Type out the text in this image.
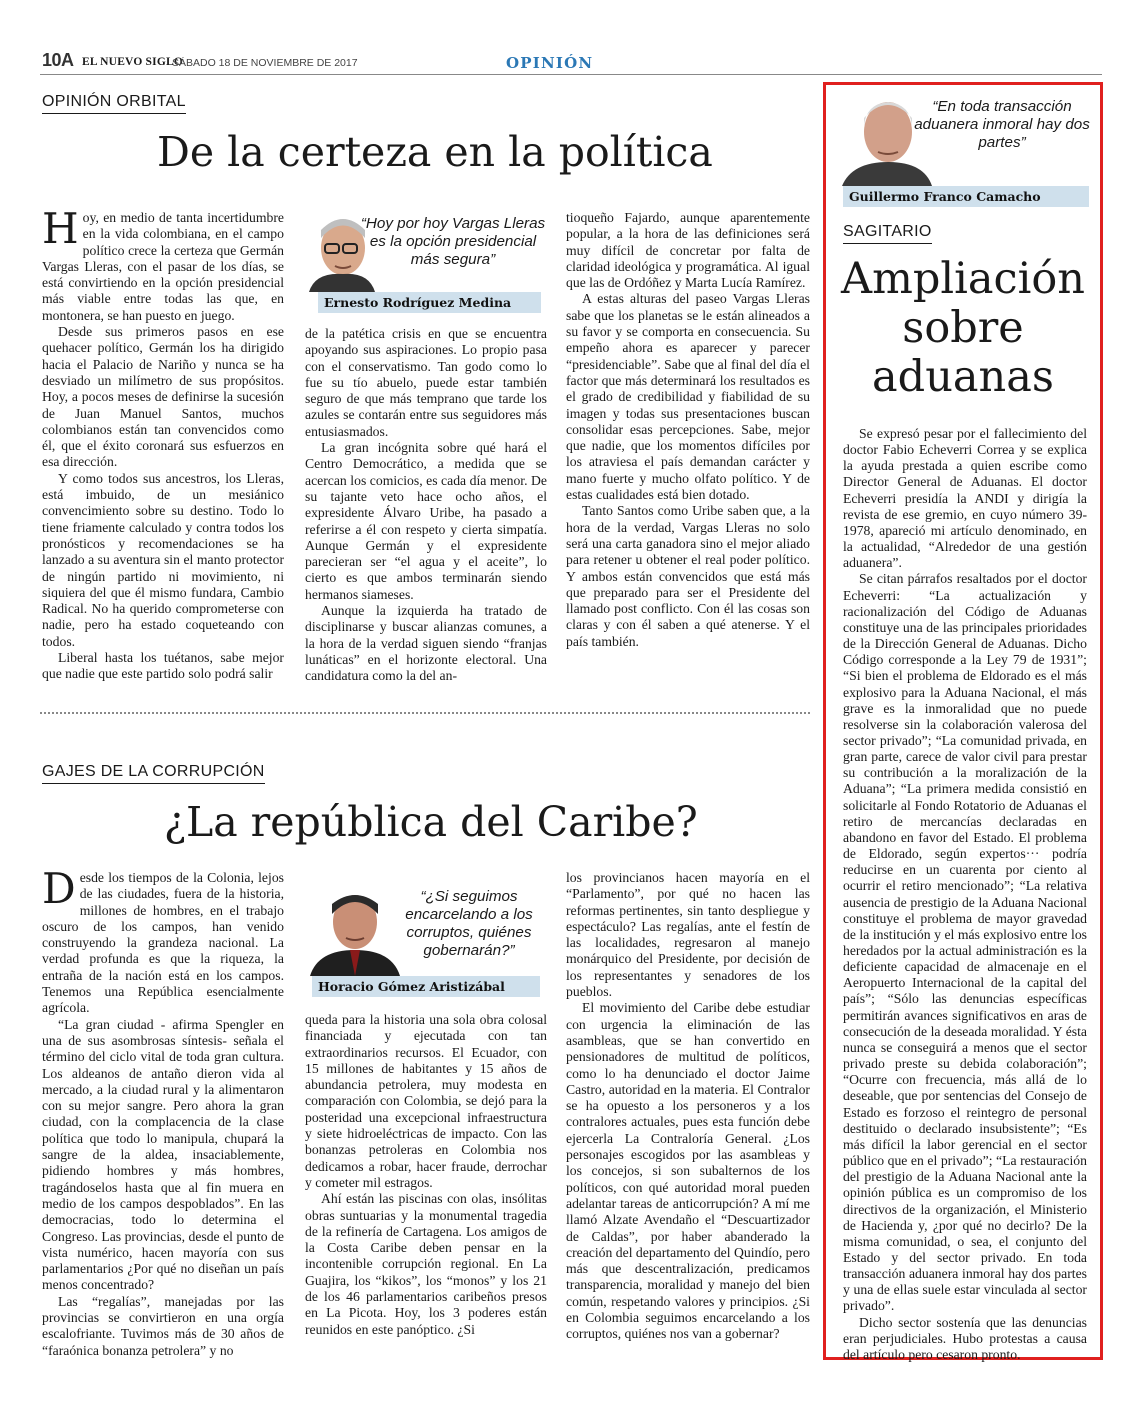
10A EL NUEVO SIGLO
SÁBADO 18 DE NOVIEMBRE DE 2017	OPINIÓN
OPINIÓN ORBITAL
De la certeza en la política

Hoy, en medio de tanta incertidumbre en la vida colombiana, en el campo político crece la certeza que Germán Vargas Lleras, con el pasar de los días, se está convirtiendo en la opción presidencial más viable entre todas las que, en montonera, se han puesto en juego.

Desde sus primeros pasos en ese quehacer político, Germán los ha dirigido hacia el Palacio de Nariño y nunca se ha desviado un milímetro de sus propósitos. Hoy, a pocos meses de definirse la sucesión de Juan Manuel Santos, muchos colombianos están tan convencidos como él, que el éxito coronará sus esfuerzos en esa dirección.

Y como todos sus ancestros, los Lleras, está imbuido, de un mesiánico convencimiento sobre su destino. Todo lo tiene friamente calculado y contra todos los pronósticos y recomendaciones se ha lanzado a su aventura sin el manto protector de ningún partido ni movimiento, ni siquiera del que él mismo fundara, Cambio Radical. No ha querido comprometerse con nadie, pero ha estado coqueteando con todos.

Liberal hasta los tuétanos, sabe mejor que nadie que este partido solo podrá salir

“Hoy por hoy Vargas Lleras es la opción presidencial más segura”
Ernesto Rodríguez Medina

de la patética crisis en que se encuentra apoyando sus aspiraciones. Lo propio pasa con el conservatismo. Tan godo como lo fue su tío abuelo, puede estar también seguro de que más temprano que tarde los azules se contarán entre sus seguidores más entusiasmados.

La gran incógnita sobre qué hará el Centro Democrático, a medida que se acercan los comicios, es cada día menor. De su tajante veto hace ocho años, el expresidente Álvaro Uribe, ha pasado a referirse a él con respeto y cierta simpatía. Aunque Germán y el expresidente parecieran ser “el agua y el aceite”, lo cierto es que ambos terminarán siendo hermanos siameses.

Aunque la izquierda ha tratado de disciplinarse y buscar alianzas comunes, a la hora de la verdad siguen siendo “franjas lunáticas” en el horizonte electoral. Una candidatura como la del an-

tioqueño Fajardo, aunque aparentemente popular, a la hora de las definiciones será muy difícil de concretar por falta de claridad ideológica y programática. Al igual que las de Ordóñez y Marta Lucía Ramírez.

A estas alturas del paseo Vargas Lleras sabe que los planetas se le están alineados a su favor y se comporta en consecuencia. Su empeño ahora es aparecer y parecer “presidenciable”. Sabe que al final del día el factor que más determinará los resultados es el grado de credibilidad y fiabilidad de su imagen y todas sus presentaciones buscan consolidar esas percepciones. Sabe, mejor que nadie, que los momentos difíciles por los atraviesa el país demandan carácter y mano fuerte y mucho olfato político. Y de estas cualidades está bien dotado.

Tanto Santos como Uribe saben que, a la hora de la verdad, Vargas Lleras no solo será una carta ganadora sino el mejor aliado para retener u obtener el real poder político. Y ambos están convencidos que está más que preparado para ser el Presidente del llamado post conflicto. Con él las cosas son claras y con él saben a qué atenerse. Y el país también.

GAJES DE LA CORRUPCIÓN
¿La república del Caribe?

Desde los tiempos de la Colonia, lejos de las ciudades, fuera de la historia, millones de hombres, en el trabajo oscuro de los campos, han venido construyendo la grandeza nacional. La verdad profunda es que la riqueza, la entraña de la nación está en los campos. Tenemos una República esencialmente agrícola.

“La gran ciudad - afirma Spengler en una de sus asombrosas síntesis- señala el término del ciclo vital de toda gran cultura. Los aldeanos de antaño dieron vida al mercado, a la ciudad rural y la alimentaron con su mejor sangre. Pero ahora la gran ciudad, con la complacencia de la clase política que todo lo manipula, chupará la sangre de la aldea, insaciablemente, pidiendo hombres y más hombres, tragándoselos hasta que al fin muera en medio de los campos despoblados”. En las democracias, todo lo determina el Congreso. Las provincias, desde el punto de vista numérico, hacen mayoría con sus parlamentarios ¿Por qué no diseñan un país menos concentrado?

Las “regalías”, manejadas por las provincias se convirtieron en una orgía escalofriante. Tuvimos más de 30 años de “faraónica bonanza petrolera” y no

“¿Si seguimos encarcelando a los corruptos, quiénes gobernarán?”
Horacio Gómez Aristizábal

queda para la historia una sola obra colosal financiada y ejecutada con tan extraordinarios recursos. El Ecuador, con 15 millones de habitantes y 15 años de abundancia petrolera, muy modesta en comparación con Colombia, se dejó para la posteridad una excepcional infraestructura y siete hidroeléctricas de impacto. Con las bonanzas petroleras en Colombia nos dedicamos a robar, hacer fraude, derrochar y cometer mil estragos.

Ahí están las piscinas con olas, insólitas obras suntuarias y la monumental tragedia de la refinería de Cartagena. Los amigos de la Costa Caribe deben pensar en la incontenible corrupción regional. En La Guajira, los “kikos”, los “monos” y los 21 de los 46 parlamentarios caribeños presos en La Picota. Hoy, los 3 poderes están reunidos en este panóptico. ¿Si

los provincianos hacen mayoría en el “Parlamento”, por qué no hacen las reformas pertinentes, sin tanto despliegue y espectáculo? Las regalías, ante el festín de las localidades, regresaron al manejo monárquico del Presidente, por decisión de los representantes y senadores de los pueblos.

El movimiento del Caribe debe estudiar con urgencia la eliminación de las asambleas, que se han convertido en pensionadores de multitud de políticos, como lo ha denunciado el doctor Jaime Castro, autoridad en la materia. El Contralor se ha opuesto a los personeros y a los contralores actuales, pues esta función debe ejercerla La Contraloría General. ¿Los personajes escogidos por las asambleas y los concejos, si son subalternos de los políticos, con qué autoridad moral pueden adelantar tareas de anticorrupción? A mí me llamó Alzate Avendaño el “Descuartizador de Caldas”, por haber abanderado la creación del departamento del Quindío, pero más que descentralización, predicamos transparencia, moralidad y manejo del bien común, respetando valores y principios. ¿Si en Colombia seguimos encarcelando a los corruptos, quiénes nos van a gobernar?

“En toda transacción aduanera inmoral hay dos partes”
Guillermo Franco Camacho
SAGITARIO
Ampliación
sobre
aduanas

Se expresó pesar por el fallecimiento del doctor Fabio Echeverri Correa y se explica la ayuda prestada a quien escribe como Director General de Aduanas. El doctor Echeverri presidía la ANDI y dirigía la revista de ese gremio, en cuyo número 39-1978, apareció mi artículo denominado, en la actualidad, “Alrededor de una gestión aduanera”.

Se citan párrafos resaltados por el doctor Echeverri: “La actualización y racionalización del Código de Aduanas constituye una de las principales prioridades de la Dirección General de Aduanas. Dicho Código corresponde a la Ley 79 de 1931”; “Si bien el problema de Eldorado es el más explosivo para la Aduana Nacional, el más grave es la inmoralidad que no puede resolverse sin la colaboración valerosa del sector privado”; “La comunidad privada, en gran parte, carece de valor civil para prestar su contribución a la moralización de la Aduana”; “La primera medida consistió en solicitarle al Fondo Rotatorio de Aduanas el retiro de mercancías declaradas en abandono en favor del Estado. El problema de Eldorado, según expertos··· podría reducirse en un cuarenta por ciento al ocurrir el retiro mencionado”; “La relativa ausencia de prestigio de la Aduana Nacional constituye el problema de mayor gravedad de la institución y el más explosivo entre los heredados por la actual administración es la deficiente capacidad de almacenaje en el Aeropuerto Internacional de la capital del país”; “Sólo las denuncias específicas permitirán avances significativos en aras de consecución de la deseada moralidad. Y ésta nunca se conseguirá a menos que el sector privado preste su debida colaboración”; “Ocurre con frecuencia, más allá de lo deseable, que por sentencias del Consejo de Estado es forzoso el reintegro de personal destituido o declarado insubsistente”; “Es más difícil la labor gerencial en el sector público que en el privado”; “La restauración del prestigio de la Aduana Nacional ante la opinión pública es un compromiso de los directivos de la organización, el Ministerio de Hacienda y, ¿por qué no decirlo? De la misma comunidad, o sea, el conjunto del Estado y del sector privado. En toda transacción aduanera inmoral hay dos partes y una de ellas suele estar vinculada al sector privado”.

Dicho sector sostenía que las denuncias eran perjudiciales. Hubo protestas a causa del artículo pero cesaron pronto.
